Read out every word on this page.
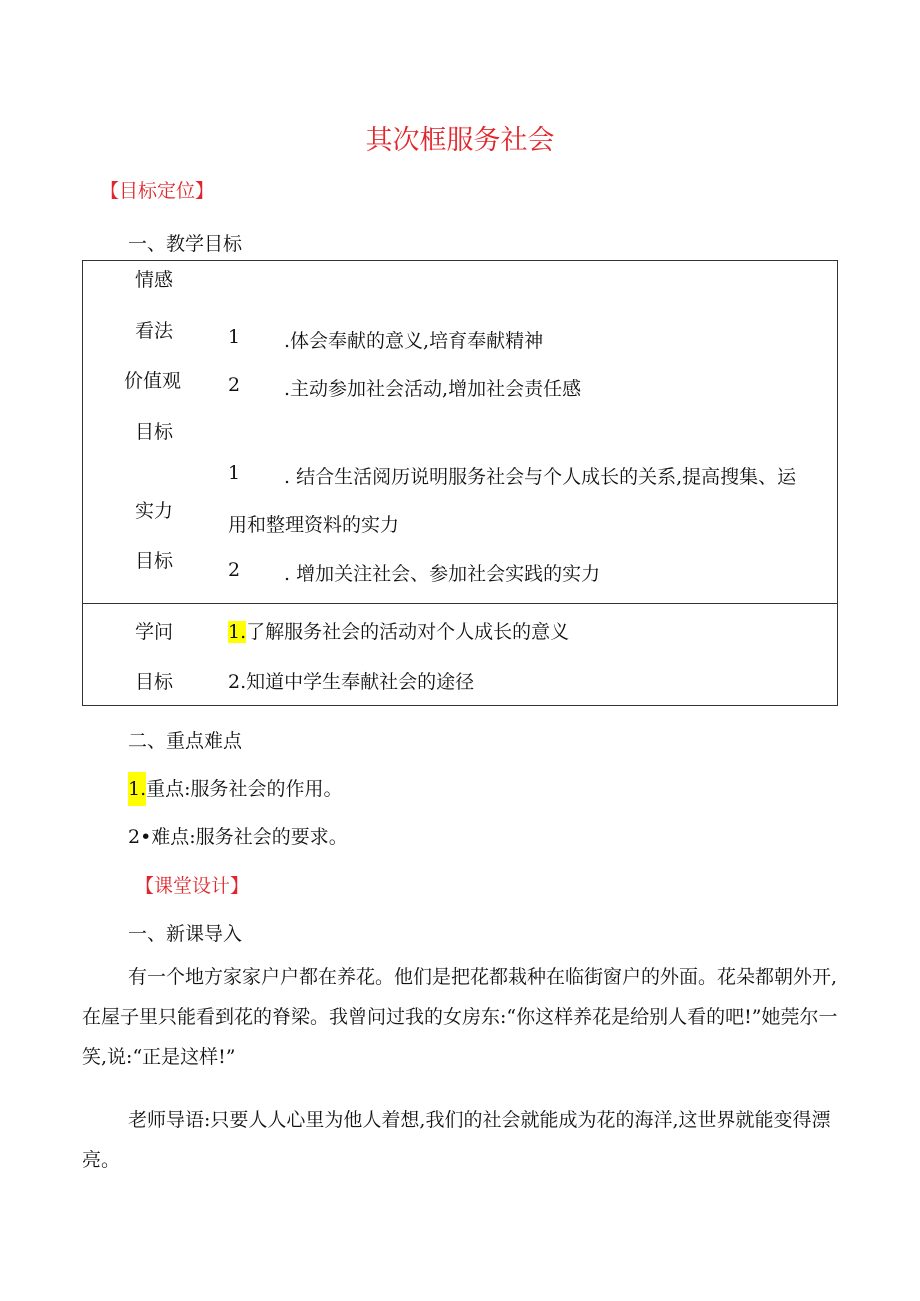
其次框服务社会
【目标定位】
一、教学目标
情感
看法
价值观
目标
1 .体会奉献的意义,培育奉献精神
2 .主动参加社会活动,增加社会责任感
实力
目标
1 . 结合生活阅历说明服务社会与个人成长的关系,提高搜集、运
用和整理资料的实力
2 . 增加关注社会、参加社会实践的实力
学问
目标
1.了解服务社会的活动对个人成长的意义
2.知道中学生奉献社会的途径
二、重点难点
1.重点:服务社会的作用。
2•难点:服务社会的要求。
【课堂设计】
一、新课导入
有一个地方家家户户都在养花。他们是把花都栽种在临街窗户的外面。花朵都朝外开,在屋子里只能看到花的脊梁。我曾问过我的女房东:“你这样养花是给别人看的吧!”她莞尔一笑,说:“正是这样!”
老师导语:只要人人心里为他人着想,我们的社会就能成为花的海洋,这世界就能变得漂亮。
